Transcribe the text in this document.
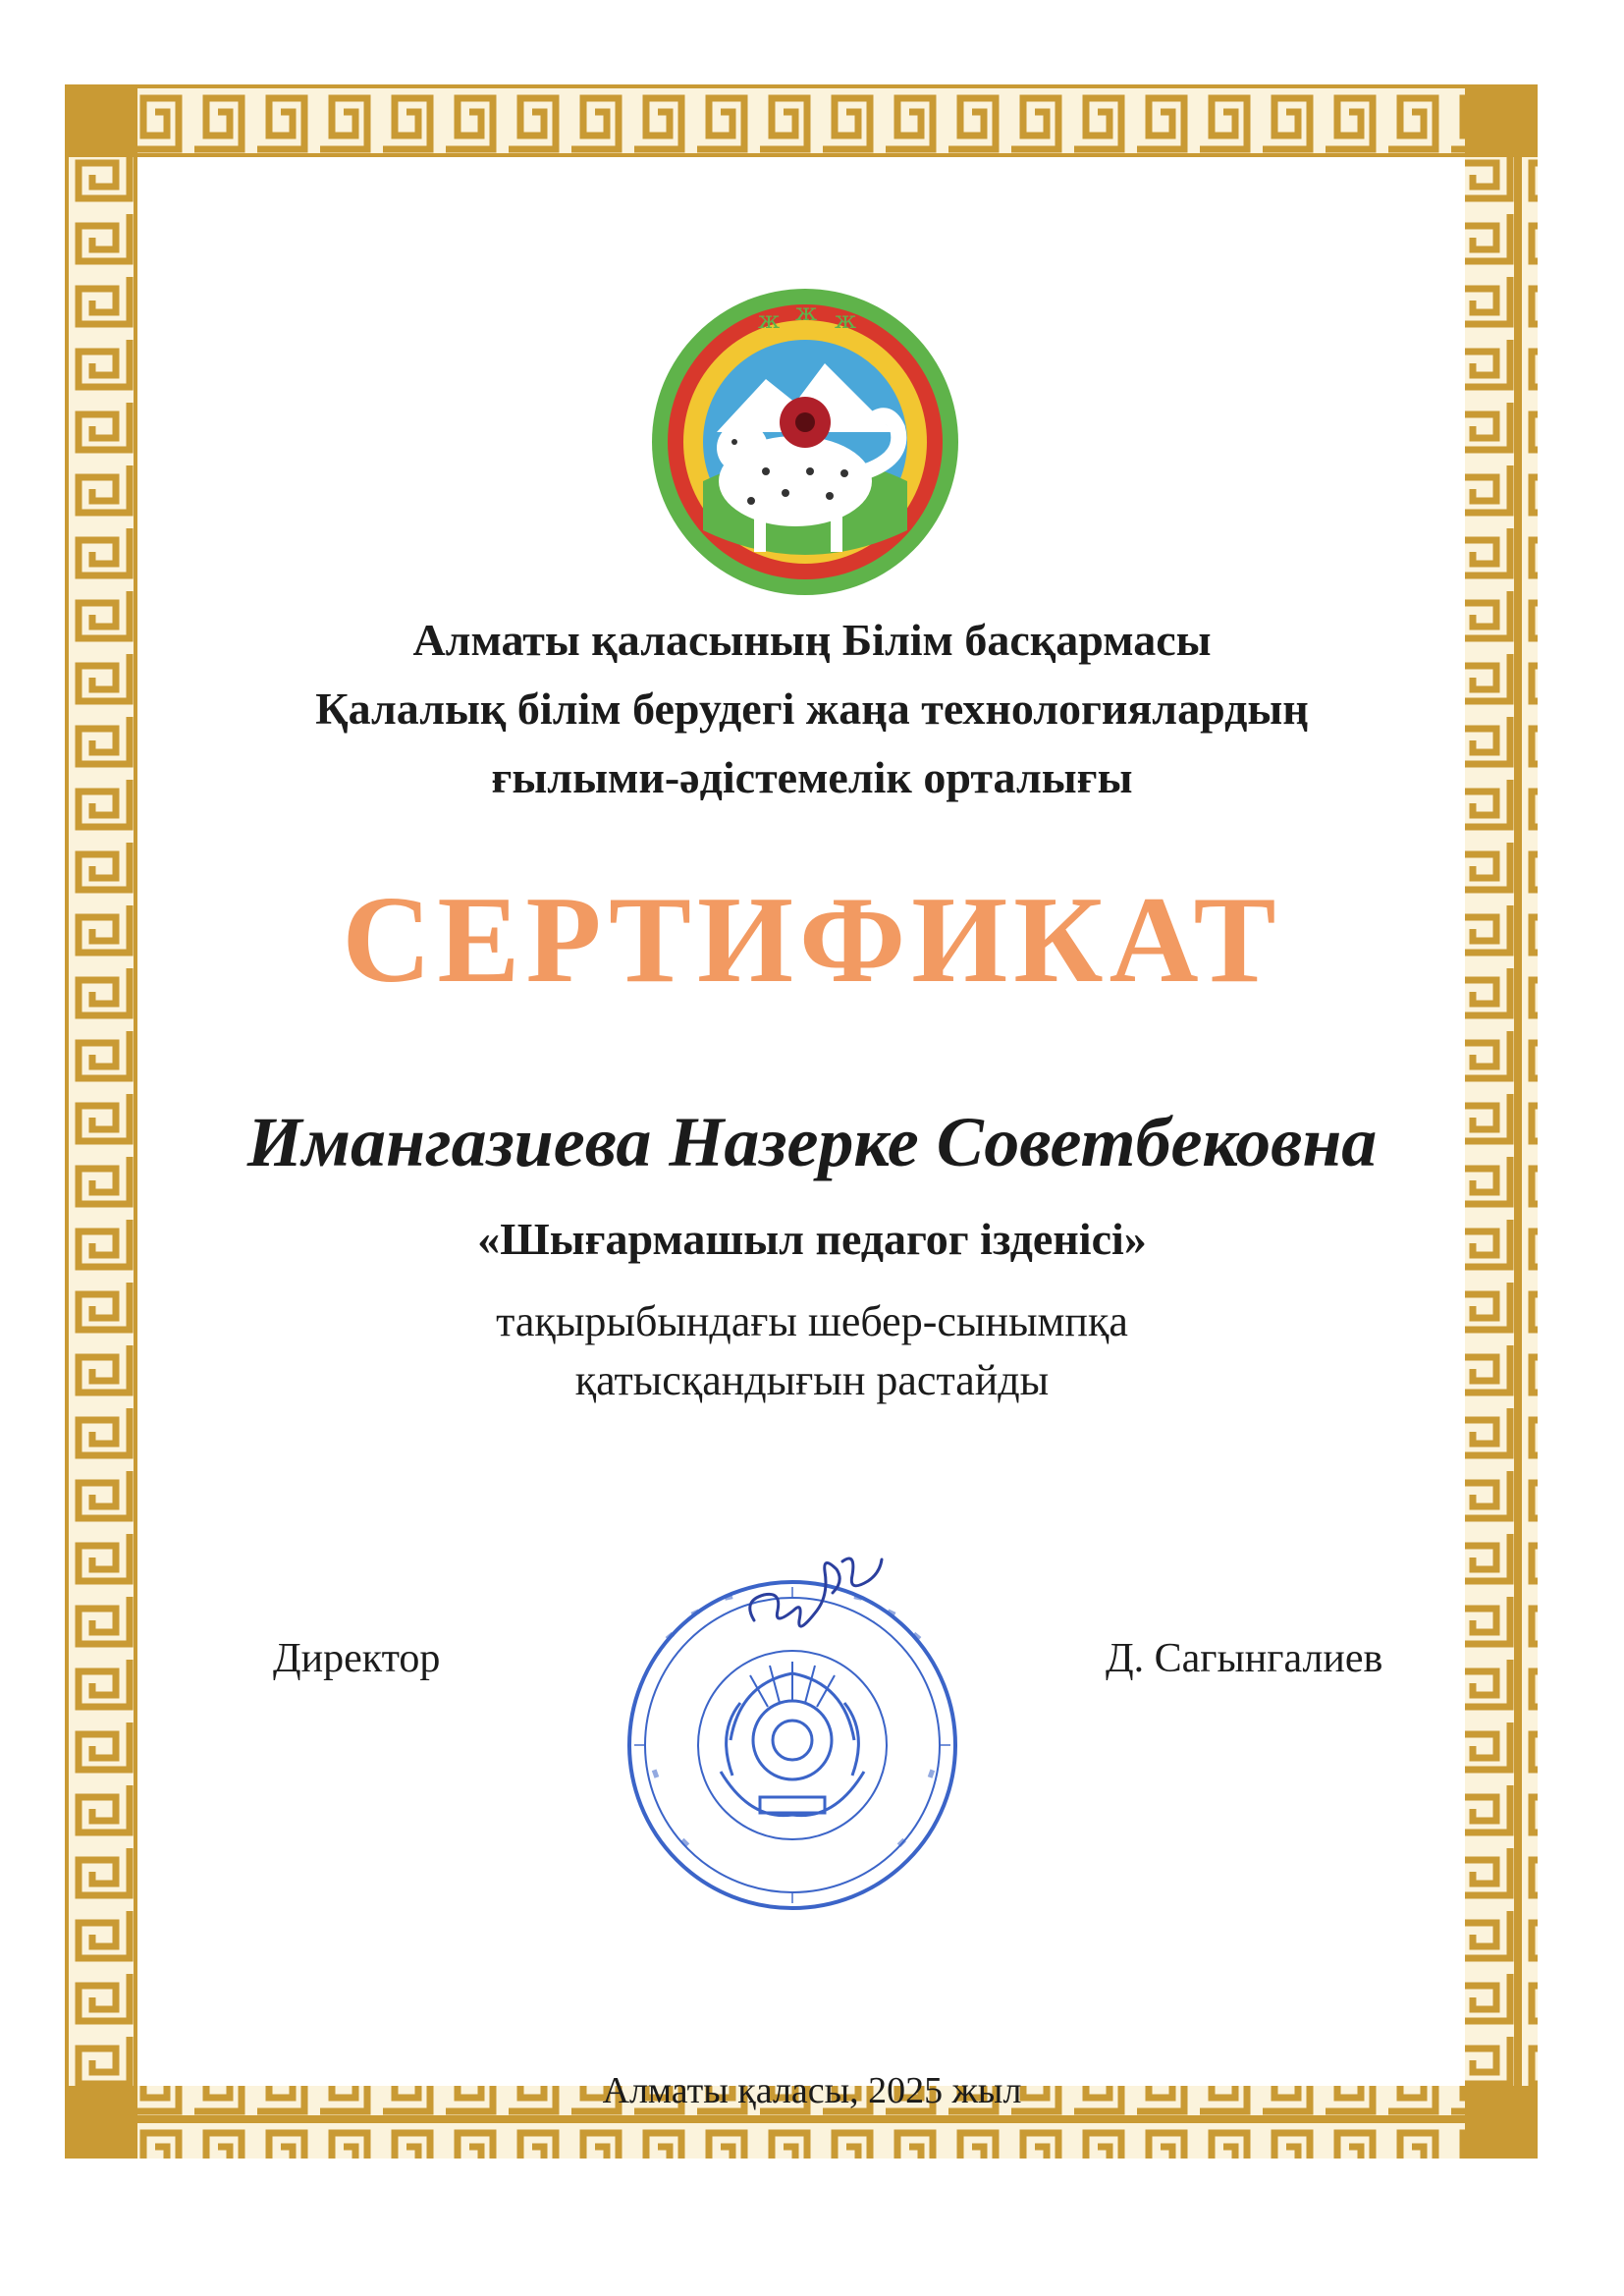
ж ж ж
Алматы қаласының Білім басқармасы
Қалалық білім берудегі жаңа технологиялардың
ғылыми-әдістемелік орталығы
СЕРТИФИКАТ
Имангазиева Назерке Советбековна
«Шығармашыл педагог ізденісі»
тақырыбындағы шебер-сынымпқа
қатысқандығын растайды
Директор	Д. Сагынгалиев
Алматы қаласы, 2025 жыл
